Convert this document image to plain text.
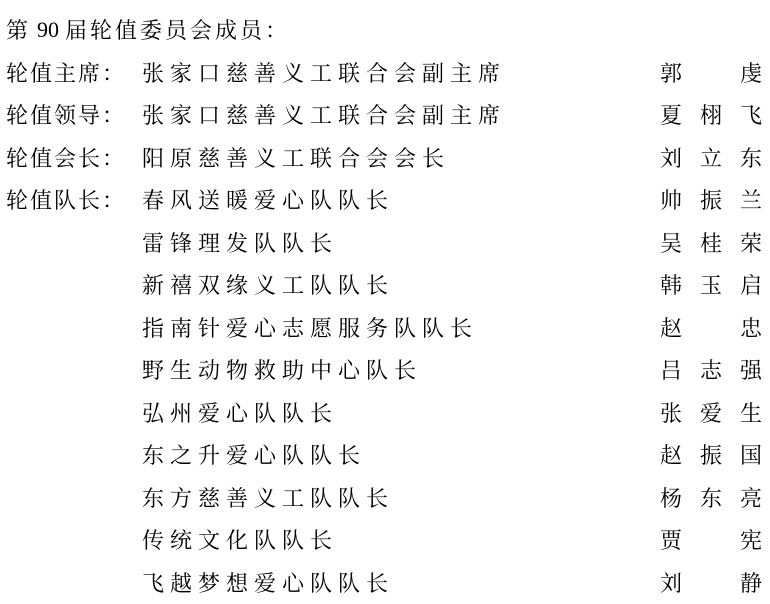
第 90 届轮值委员会成员：
轮值主席： 张家口慈善义工联合会副主席	郭虔
轮值领导： 张家口慈善义工联合会副主席	夏栩飞
轮值会长： 阳原慈善义工联合会会长	刘立东
轮值队长： 春风送暖爱心队队长	帅振兰
雷锋理发队队长	吴桂荣
新禧双缘义工队队长	韩玉启
指南针爱心志愿服务队队长	赵忠
野生动物救助中心队长	吕志强
弘州爱心队队长	张爱生
东之升爱心队队长	赵振国
东方慈善义工队队长	杨东亮
传统文化队队长	贾宪
飞越梦想爱心队队长	刘静
